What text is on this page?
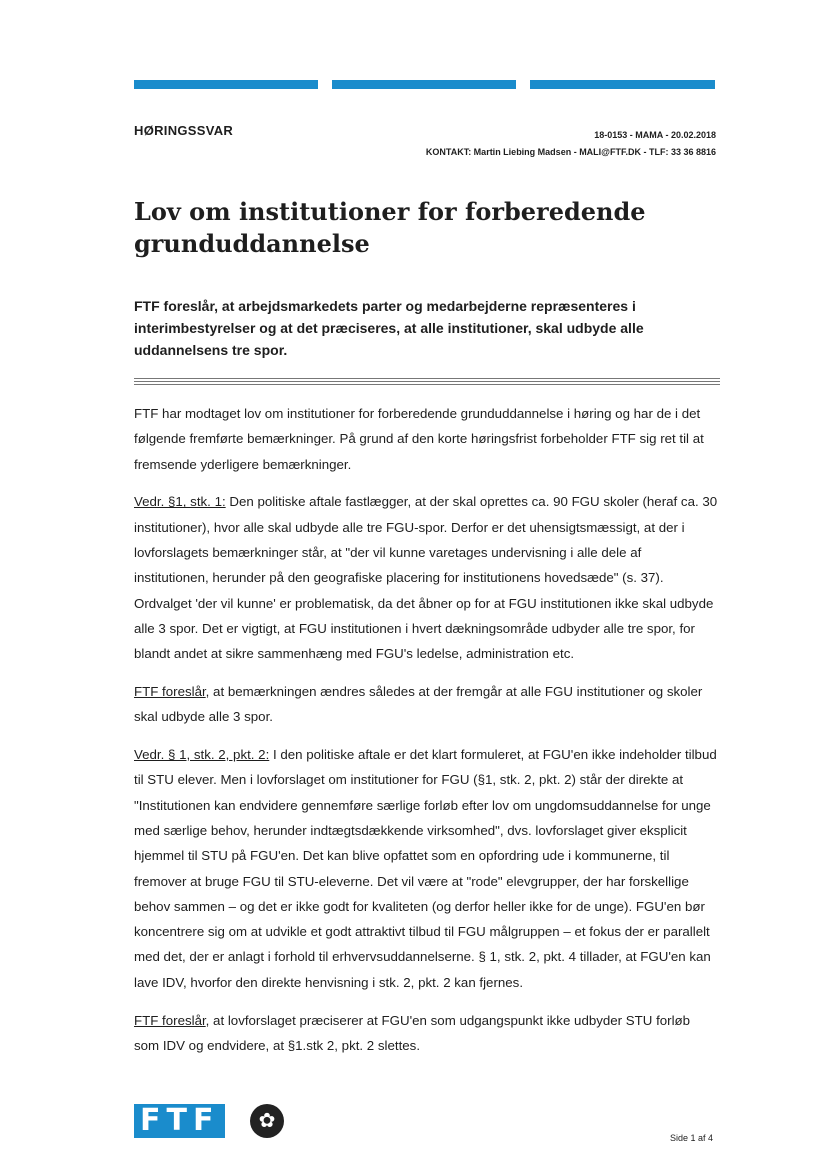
HØRINGSSVAR	18-0153 - MAMA - 20.02.2018
KONTAKT: Martin Liebing Madsen - MALI@FTF.DK - TLF: 33 36 8816
Lov om institutioner for forberedende grunduddannelse

FTF foreslår, at arbejdsmarkedets parter og medarbejderne repræsenteres i interimbestyrelser og at det præciseres, at alle institutioner, skal udbyde alle uddannelsens tre spor.

FTF har modtaget lov om institutioner for forberedende grunduddannelse i høring og har de i det følgende fremførte bemærkninger. På grund af den korte høringsfrist forbeholder FTF sig ret til at fremsende yderligere bemærkninger.

Vedr. §1, stk. 1: Den politiske aftale fastlægger, at der skal oprettes ca. 90 FGU skoler (heraf ca. 30 institutioner), hvor alle skal udbyde alle tre FGU-spor. Derfor er det uhensigtsmæssigt, at der i lovforslagets bemærkninger står, at "der vil kunne varetages undervisning i alle dele af institutionen, herunder på den geografiske placering for institutionens hovedsæde" (s. 37). Ordvalget 'der vil kunne' er problematisk, da det åbner op for at FGU institutionen ikke skal udbyde alle 3 spor. Det er vigtigt, at FGU institutionen i hvert dækningsområde udbyder alle tre spor, for blandt andet at sikre sammenhæng med FGU's ledelse, administration etc.

FTF foreslår, at bemærkningen ændres således at der fremgår at alle FGU institutioner og skoler skal udbyde alle 3 spor.

Vedr. § 1, stk. 2, pkt. 2: I den politiske aftale er det klart formuleret, at FGU'en ikke indeholder tilbud til STU elever. Men i lovforslaget om institutioner for FGU (§1, stk. 2, pkt. 2) står der direkte at "Institutionen kan endvidere gennemføre særlige forløb efter lov om ungdomsuddannelse for unge med særlige behov, herunder indtægtsdækkende virksomhed", dvs. lovforslaget giver eksplicit hjemmel til STU på FGU'en. Det kan blive opfattet som en opfordring ude i kommunerne, til fremover at bruge FGU til STU-eleverne. Det vil være at "rode" elevgrupper, der har forskellige behov sammen – og det er ikke godt for kvaliteten (og derfor heller ikke for de unge). FGU'en bør koncentrere sig om at udvikle et godt attraktivt tilbud til FGU målgruppen – et fokus der er parallelt med det, der er anlagt i forhold til erhvervsuddannelserne. § 1, stk. 2, pkt. 4 tillader, at FGU'en kan lave IDV, hvorfor den direkte henvisning i stk. 2, pkt. 2 kan fjernes.

FTF foreslår, at lovforslaget præciserer at FGU'en som udgangspunkt ikke udbyder STU forløb som IDV og endvidere, at §1.stk 2, pkt. 2 slettes.

FTF	✿
Side 1 af 4
